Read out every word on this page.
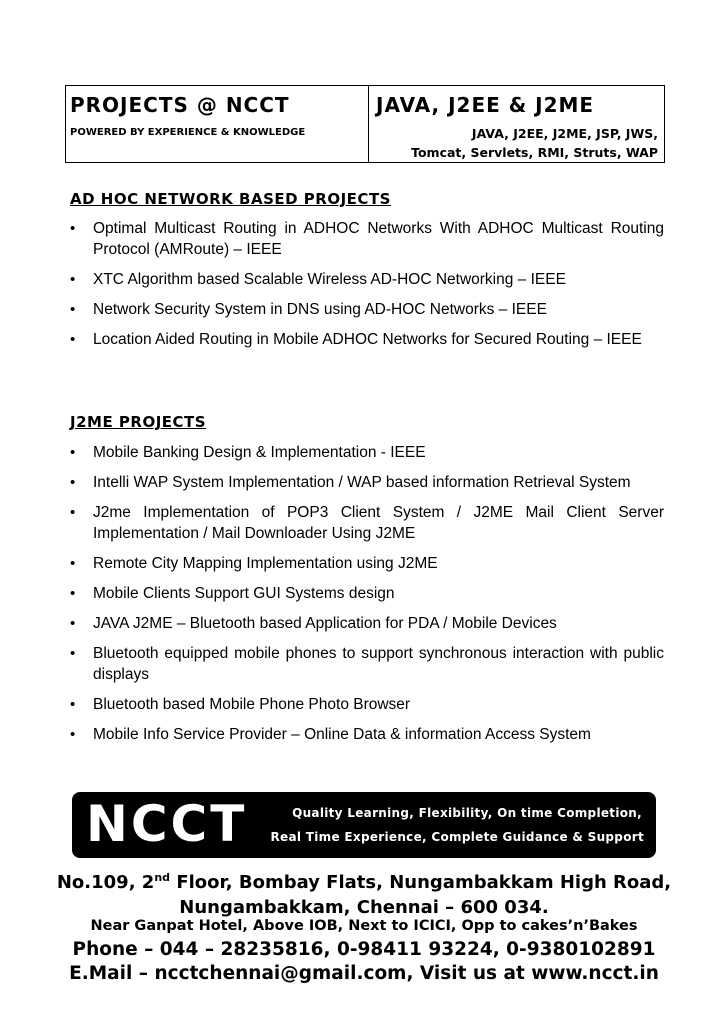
PROJECTS @ NCCT
POWERED BY EXPERIENCE & KNOWLEDGE
JAVA, J2EE & J2ME
JAVA, J2EE, J2ME, JSP, JWS,
Tomcat, Servlets, RMI, Struts, WAP
AD HOC NETWORK BASED PROJECTS
• Optimal Multicast Routing in ADHOC Networks With ADHOC Multicast Routing Protocol (AMRoute) – IEEE
• XTC Algorithm based Scalable Wireless AD-HOC Networking – IEEE
• Network Security System in DNS using AD-HOC Networks – IEEE
• Location Aided Routing in Mobile ADHOC Networks for Secured Routing – IEEE
J2ME PROJECTS
• Mobile Banking Design & Implementation - IEEE
• Intelli WAP System Implementation / WAP based information Retrieval System
• J2me Implementation of POP3 Client System / J2ME Mail Client Server Implementation / Mail Downloader Using J2ME
• Remote City Mapping Implementation using J2ME
• Mobile Clients Support GUI Systems design
• JAVA J2ME – Bluetooth based Application for PDA / Mobile Devices
• Bluetooth equipped mobile phones to support synchronous interaction with public displays
• Bluetooth based Mobile Phone Photo Browser
• Mobile Info Service Provider – Online Data & information Access System
NCCT	Quality Learning, Flexibility, On time Completion,
Real Time Experience, Complete Guidance & Support
No.109, 2nd Floor, Bombay Flats, Nungambakkam High Road,
Nungambakkam, Chennai – 600 034.
Near Ganpat Hotel, Above IOB, Next to ICICI, Opp to cakes’n’Bakes
Phone – 044 – 28235816, 0-98411 93224, 0-9380102891
E.Mail – ncctchennai@gmail.com, Visit us at www.ncct.in
